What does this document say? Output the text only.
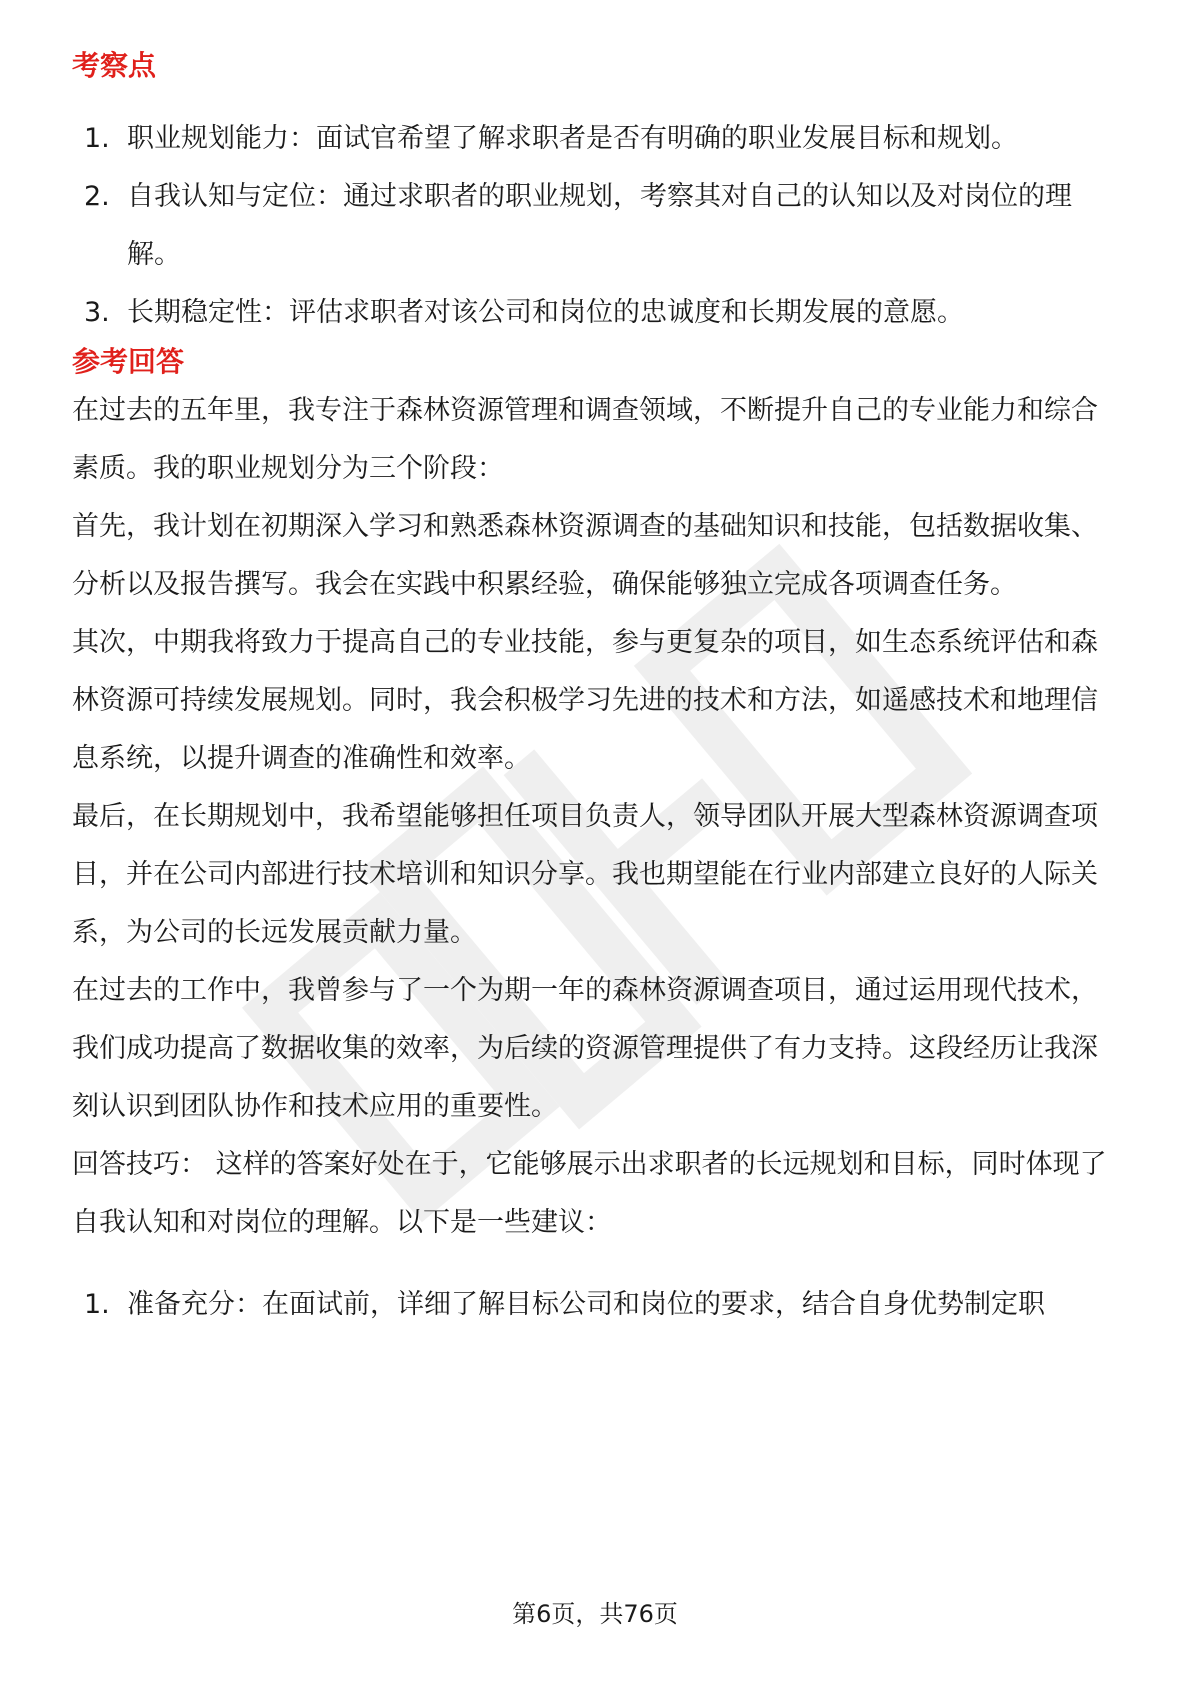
考察点
1. 职业规划能力：面试官希望了解求职者是否有明确的职业发展目标和规划。
2. 自我认知与定位：通过求职者的职业规划，考察其对自己的认知以及对岗位的理解。
3. 长期稳定性：评估求职者对该公司和岗位的忠诚度和长期发展的意愿。
参考回答

在过去的五年里，我专注于森林资源管理和调查领域，不断提升自己的专业能力和综合素质。我的职业规划分为三个阶段：

首先，我计划在初期深入学习和熟悉森林资源调查的基础知识和技能，包括数据收集、分析以及报告撰写。我会在实践中积累经验，确保能够独立完成各项调查任务。

其次，中期我将致力于提高自己的专业技能，参与更复杂的项目，如生态系统评估和森林资源可持续发展规划。同时，我会积极学习先进的技术和方法，如遥感技术和地理信息系统，以提升调查的准确性和效率。

最后，在长期规划中，我希望能够担任项目负责人，领导团队开展大型森林资源调查项目，并在公司内部进行技术培训和知识分享。我也期望能在行业内部建立良好的人际关系，为公司的长远发展贡献力量。

在过去的工作中，我曾参与了一个为期一年的森林资源调查项目，通过运用现代技术，我们成功提高了数据收集的效率，为后续的资源管理提供了有力支持。这段经历让我深刻认识到团队协作和技术应用的重要性。

回答技巧： 这样的答案好处在于，它能够展示出求职者的长远规划和目标，同时体现了自我认知和对岗位的理解。以下是一些建议：

1. 准备充分：在面试前，详细了解目标公司和岗位的要求，结合自身优势制定职
第6页，共76页
